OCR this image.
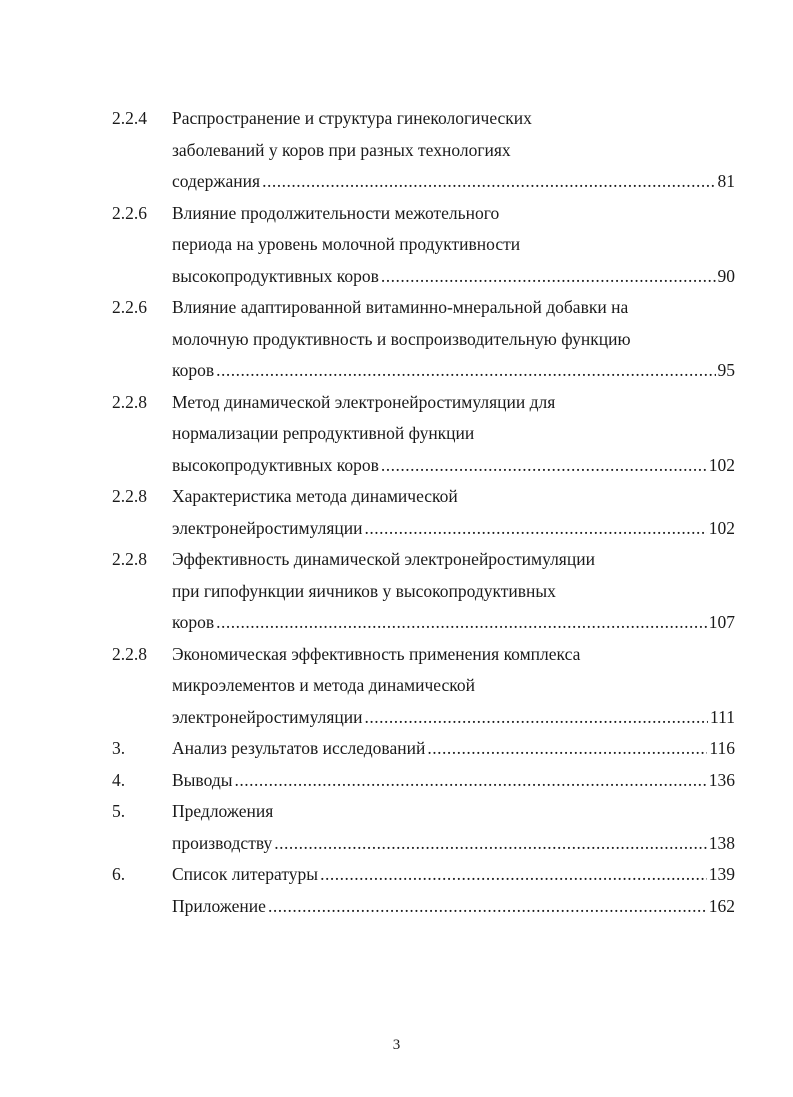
2.2.4 Распространение и структура гинекологических
заболеваний у коров при разных технологиях
содержания .....	81
2.2.6 Влияние продолжительности межотельного
периода на уровень молочной продуктивности
высокопродуктивных коров .....	90
2.2.6 Влияние адаптированной витаминно-мнеральной добавки на
молочную продуктивность и воспроизводительную функцию
коров .....	95
2.2.8 Метод динамической электронейростимуляции для
нормализации репродуктивной функции
высокопродуктивных коров .....	102
2.2.8 Характеристика метода динамической
электронейростимуляции .....	102
2.2.8 Эффективность динамической электронейростимуляции
при гипофункции яичников у высокопродуктивных
коров .....	107
2.2.8 Экономическая эффективность применения комплекса
микроэлементов и метода динамической
электронейростимуляции .....	111
3.	Анализ результатов исследований .....	116
4.	Выводы .....	136
5.	Предложения
производству .....	138
6.	Список литературы .....	139
Приложение .....	162
3
